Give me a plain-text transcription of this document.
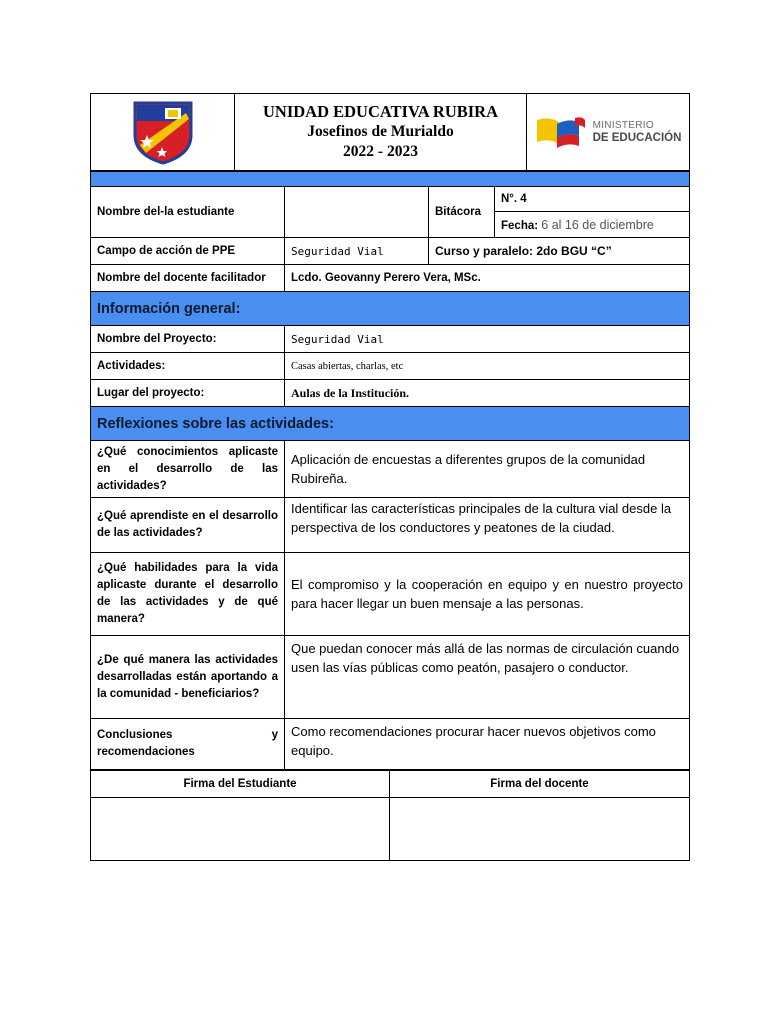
UNIDAD EDUCATIVA RUBIRA
Josefinos de Murialdo
2022 - 2023

MINISTERIO
DE EDUCACIÓN

Nombre del-la estudiante		Bitácora	N°. 4
			Fecha: 6 al 16 de diciembre
Campo de acción de PPE	Seguridad Vial	Curso y paralelo: 2do BGU “C”	
Nombre del docente facilitador	Lcdo. Geovanny Perero Vera, MSc.		
Información general:			
Nombre del Proyecto:	Seguridad Vial		
Actividades:	Casas abiertas, charlas, etc		
Lugar del proyecto:	Aulas de la Institución.		
Reflexiones sobre las actividades:			
¿Qué conocimientos aplicaste en el desarrollo de las actividades?	Aplicación de encuestas a diferentes grupos de la comunidad Rubireña.		
¿Qué aprendiste en el desarrollo de las actividades?	Identificar las características principales de la cultura vial desde la perspectiva de los conductores y peatones de la ciudad.		
¿Qué habilidades para la vida aplicaste durante el desarrollo de las actividades y de qué manera?	El compromiso y la cooperación en equipo y en nuestro proyecto para hacer llegar un buen mensaje a las personas.		
¿De qué manera las actividades desarrolladas están aportando a la comunidad - beneficiarios?	Que puedan conocer más allá de las normas de circulación cuando usen las vías públicas como peatón, pasajero o conductor.		
Conclusiones y recomendaciones	Como recomendaciones procurar hacer nuevos objetivos como equipo.		
Firma del Estudiante	Firma del docente
